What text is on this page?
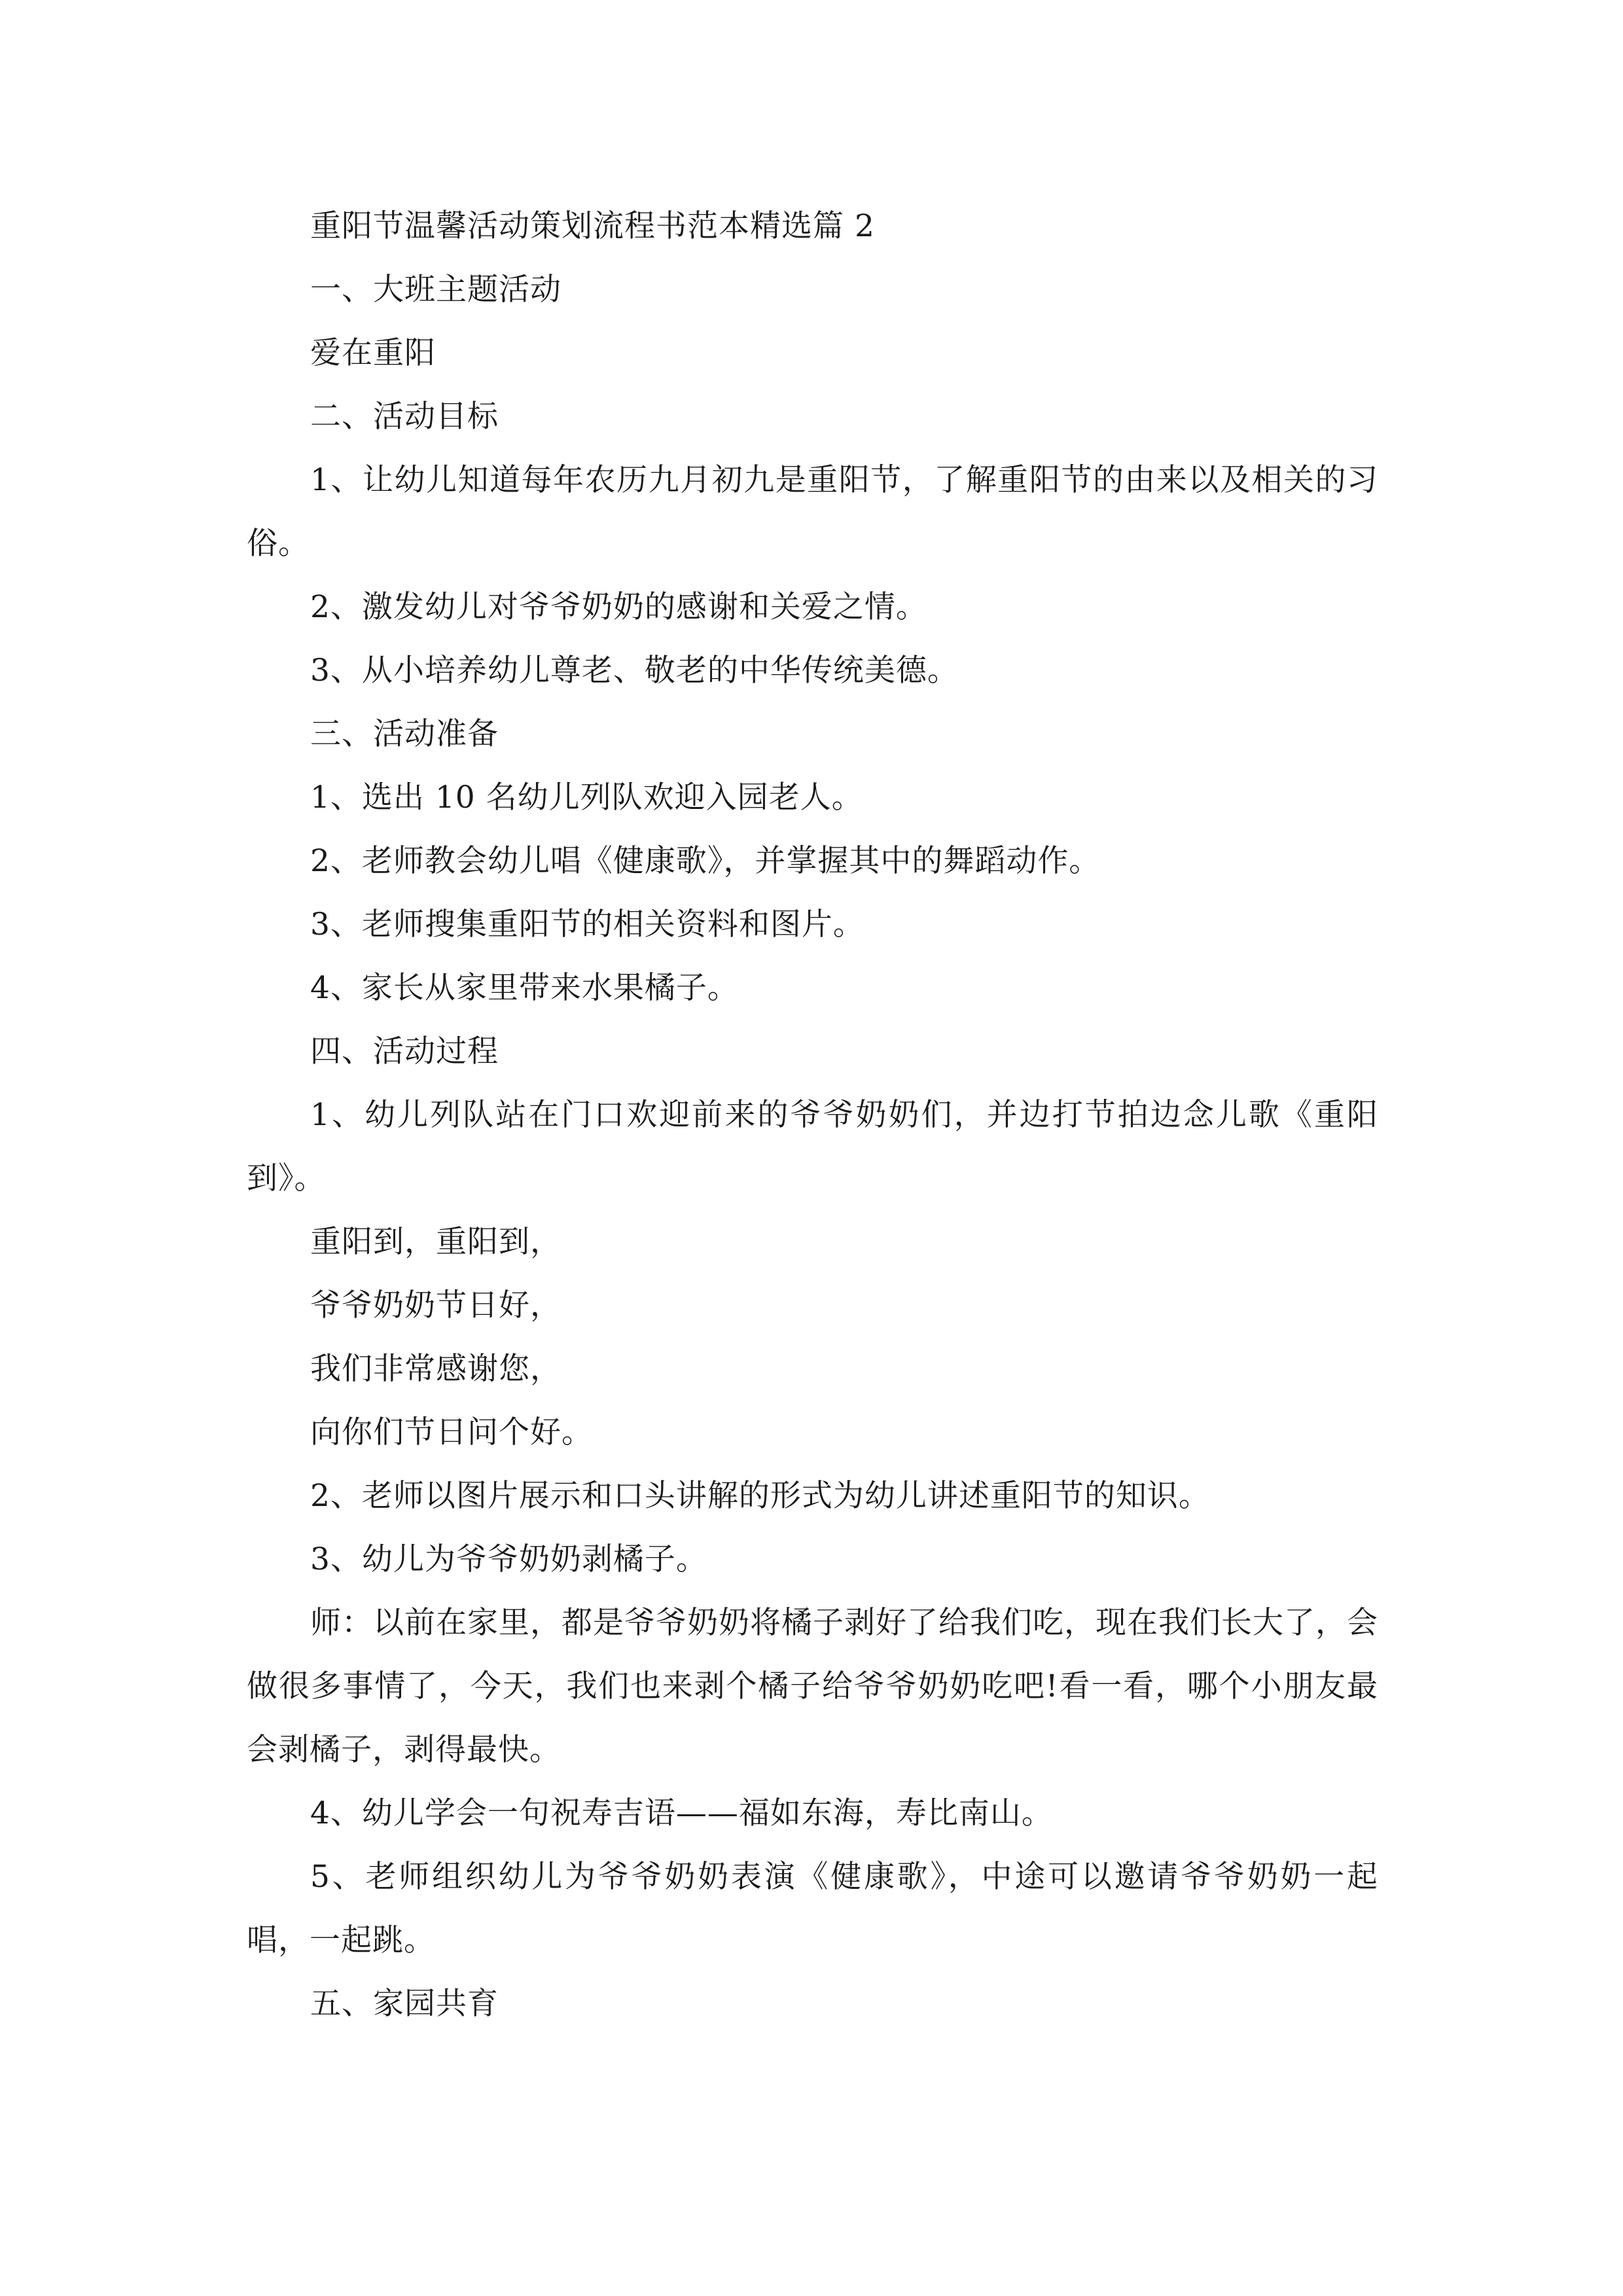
重阳节温馨活动策划流程书范本精选篇 2

一、大班主题活动

爱在重阳

二、活动目标

1、让幼儿知道每年农历九月初九是重阳节，了解重阳节的由来以及相关的习俗。

2、激发幼儿对爷爷奶奶的感谢和关爱之情。

3、从小培养幼儿尊老、敬老的中华传统美德。

三、活动准备

1、选出 10 名幼儿列队欢迎入园老人。

2、老师教会幼儿唱《健康歌》，并掌握其中的舞蹈动作。

3、老师搜集重阳节的相关资料和图片。

4、家长从家里带来水果橘子。

四、活动过程

1、幼儿列队站在门口欢迎前来的爷爷奶奶们，并边打节拍边念儿歌《重阳到》。

重阳到，重阳到，

爷爷奶奶节日好，

我们非常感谢您，

向你们节日问个好。

2、老师以图片展示和口头讲解的形式为幼儿讲述重阳节的知识。

3、幼儿为爷爷奶奶剥橘子。

师：以前在家里，都是爷爷奶奶将橘子剥好了给我们吃，现在我们长大了，会做很多事情了，今天，我们也来剥个橘子给爷爷奶奶吃吧!看一看，哪个小朋友最会剥橘子，剥得最快。

4、幼儿学会一句祝寿吉语——福如东海，寿比南山。

5、老师组织幼儿为爷爷奶奶表演《健康歌》，中途可以邀请爷爷奶奶一起唱，一起跳。

五、家园共育
